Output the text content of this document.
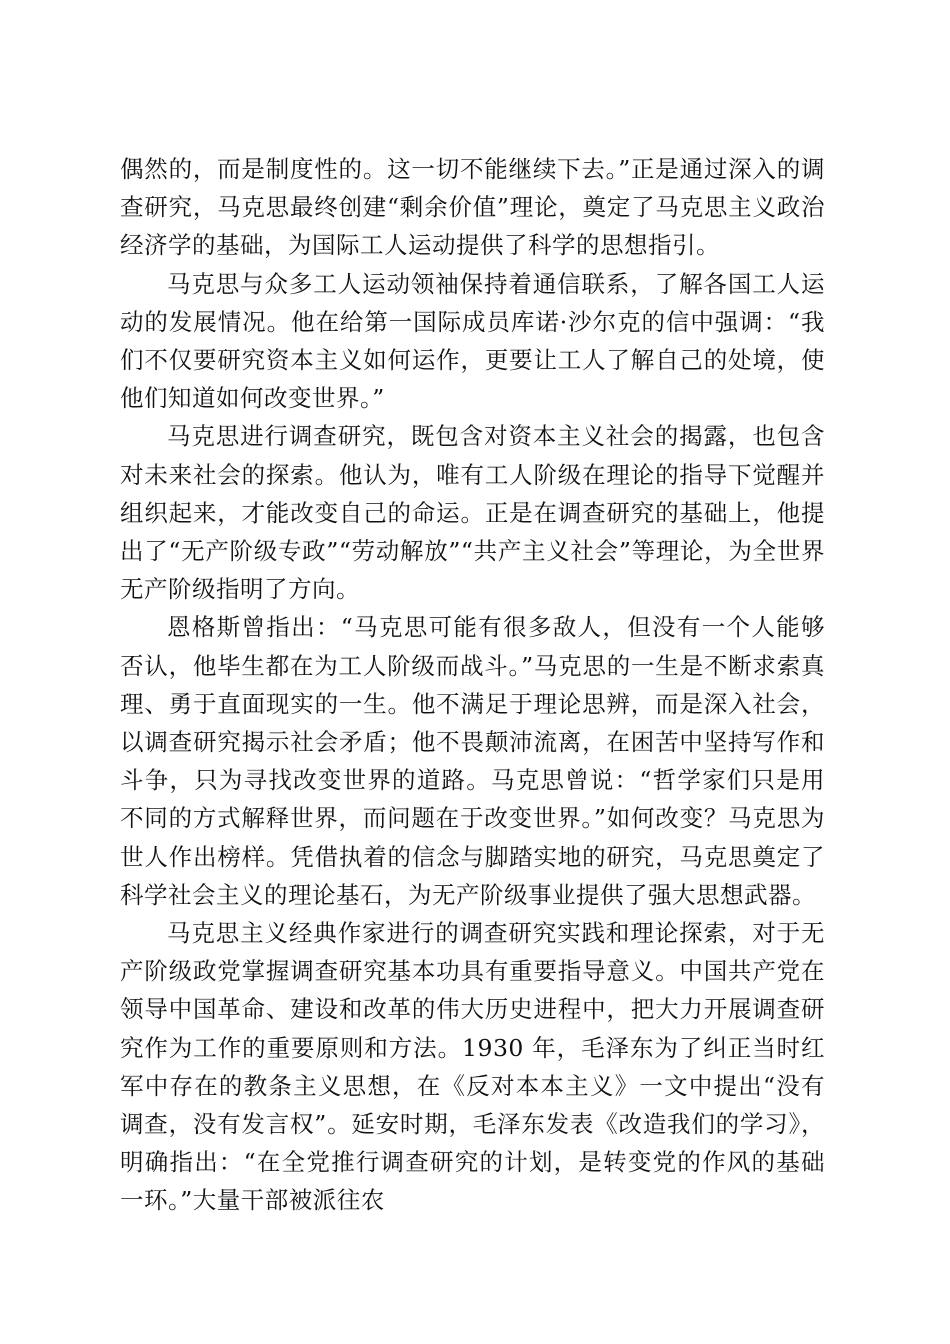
偶然的，而是制度性的。这一切不能继续下去。”正是通过深入的调查研究，马克思最终创建“剩余价值”理论，奠定了马克思主义政治经济学的基础，为国际工人运动提供了科学的思想指引。

马克思与众多工人运动领袖保持着通信联系，了解各国工人运动的发展情况。他在给第一国际成员库诺·沙尔克的信中强调：“我们不仅要研究资本主义如何运作，更要让工人了解自己的处境，使他们知道如何改变世界。”

马克思进行调查研究，既包含对资本主义社会的揭露，也包含对未来社会的探索。他认为，唯有工人阶级在理论的指导下觉醒并组织起来，才能改变自己的命运。正是在调查研究的基础上，他提出了“无产阶级专政”“劳动解放”“共产主义社会”等理论，为全世界无产阶级指明了方向。

恩格斯曾指出：“马克思可能有很多敌人，但没有一个人能够否认，他毕生都在为工人阶级而战斗。”马克思的一生是不断求索真理、勇于直面现实的一生。他不满足于理论思辨，而是深入社会，以调查研究揭示社会矛盾；他不畏颠沛流离，在困苦中坚持写作和斗争，只为寻找改变世界的道路。马克思曾说：“哲学家们只是用不同的方式解释世界，而问题在于改变世界。”如何改变？马克思为世人作出榜样。凭借执着的信念与脚踏实地的研究，马克思奠定了科学社会主义的理论基石，为无产阶级事业提供了强大思想武器。

马克思主义经典作家进行的调查研究实践和理论探索，对于无产阶级政党掌握调查研究基本功具有重要指导意义。中国共产党在领导中国革命、建设和改革的伟大历史进程中，把大力开展调查研究作为工作的重要原则和方法。1930 年，毛泽东为了纠正当时红军中存在的教条主义思想，在《反对本本主义》一文中提出“没有调查，没有发言权”。延安时期，毛泽东发表《改造我们的学习》，明确指出：“在全党推行调查研究的计划，是转变党的作风的基础一环。”大量干部被派往农
